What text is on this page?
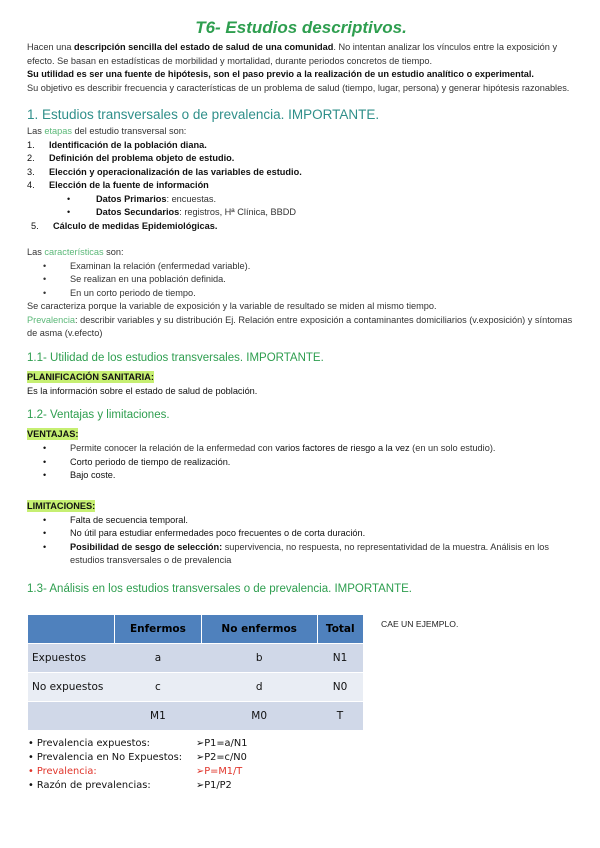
T6- Estudios descriptivos.

Hacen una descripción sencilla del estado de salud de una comunidad. No intentan analizar los vínculos entre la exposición y efecto. Se basan en estadísticas de morbilidad y mortalidad, durante periodos concretos de tiempo.

Su utilidad es ser una fuente de hipótesis, son el paso previo a la realización de un estudio analítico o experimental.

Su objetivo es describir frecuencia y características de un problema de salud (tiempo, lugar, persona) y generar hipótesis razonables.

1. Estudios transversales o de prevalencia. IMPORTANTE.

Las etapas del estudio transversal son:

1. Identificación de la población diana.
2. Definición del problema objeto de estudio.
3. Elección y operacionalización de las variables de estudio.
4. Elección de la fuente de información
• Datos Primarios: encuestas.
• Datos Secundarios: registros, Hª Clínica, BBDD
5. Cálculo de medidas Epidemiológicas.

Las características son:

• Examinan la relación (enfermedad variable).
• Se realizan en una población definida.
• En un corto periodo de tiempo.

Se caracteriza porque la variable de exposición y la variable de resultado se miden al mismo tiempo.

Prevalencia: describir variables y su distribución Ej. Relación entre exposición a contaminantes domiciliarios (v.exposición) y síntomas de asma (v.efecto)

1.1- Utilidad de los estudios transversales. IMPORTANTE.
PLANIFICACIÓN SANITARIA:

Es la información sobre el estado de salud de población.

1.2- Ventajas y limitaciones.
VENTAJAS:
• Permite conocer la relación de la enfermedad con varios factores de riesgo a la vez (en un solo estudio).
• Corto periodo de tiempo de realización.
• Bajo coste.
LIMITACIONES:
• Falta de secuencia temporal.
• No útil para estudiar enfermedades poco frecuentes o de corta duración.
• Posibilidad de sesgo de selección: supervivencia, no respuesta, no representatividad de la muestra. Análisis en los estudios transversales o de prevalencia
1.3- Análisis en los estudios transversales o de prevalencia. IMPORTANTE.
	Enfermos	No enfermos	Total
Expuestos	a	b	N1
No expuestos	c	d	N0
	M1	M0	T
CAE UN EJEMPLO.
• Prevalencia expuestos:	➢P1=a/N1
• Prevalencia en No Expuestos: ➢P2=c/N0
• Prevalencia:	➢P=M1/T
• Razón de prevalencias:	➢P1/P2
